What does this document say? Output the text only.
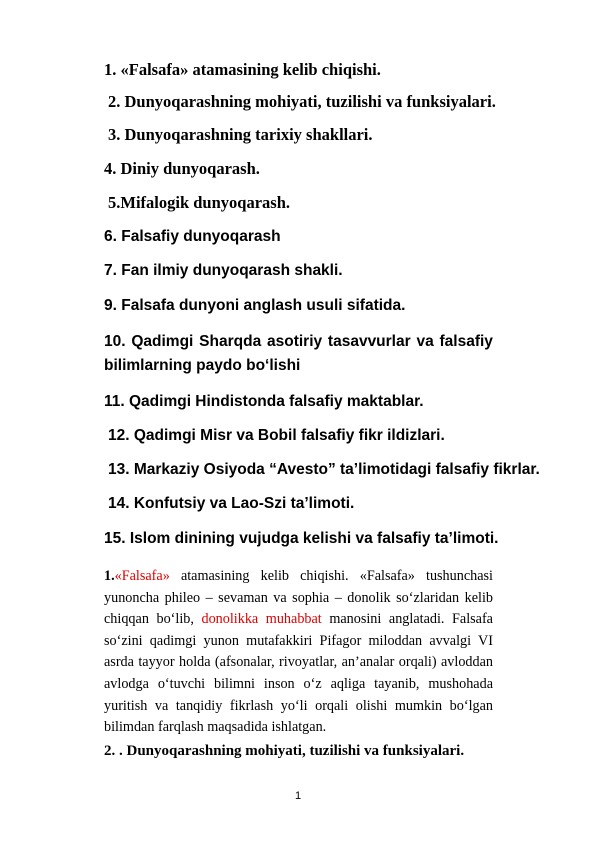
1. «Falsafa» atamasining kelib chiqishi.
2. Dunyoqarashning mohiyati, tuzilishi va funksiyalari.
3. Dunyoqarashning tarixiy shakllari.
4. Diniy dunyoqarash.
5.Mifalogik dunyoqarash.
6. Falsafiy dunyoqarash
7. Fan ilmiy dunyoqarash shakli.
9. Falsafa dunyoni anglash usuli sifatida.
10. Qadimgi Sharqda asotiriy tasavvurlar va falsafiy
bilimlarning paydo bo‘lishi
11. Qadimgi Hindistonda falsafiy maktablar.
12. Qadimgi Misr va Bobil falsafiy fikr ildizlari.
13. Markaziy Osiyoda “Avesto” ta’limotidagi falsafiy fikrlar.
14. Konfutsiy va Lao-Szi ta’limoti.
15. Islom dinining vujudga kelishi va falsafiy ta’limoti.

1.«Falsafa» atamasining kelib chiqishi. «Falsafa» tushunchasi yunoncha phileo – sevaman va sophia – donolik so‘zlaridan kelib chiqqan bo‘lib, donolikka muhabbat manosini anglatadi. Falsafa so‘zini qadimgi yunon mutafakkiri Pifagor miloddan avvalgi VI asrda tayyor holda (afsonalar, rivoyatlar, an’analar orqali) avloddan avlodga o‘tuvchi bilimni inson o‘z aqliga tayanib, mushohada yuritish va tanqidiy fikrlash yo‘li orqali olishi mumkin bo‘lgan bilimdan farqlash maqsadida ishlatgan.

2. . Dunyoqarashning mohiyati, tuzilishi va funksiyalari.
1
